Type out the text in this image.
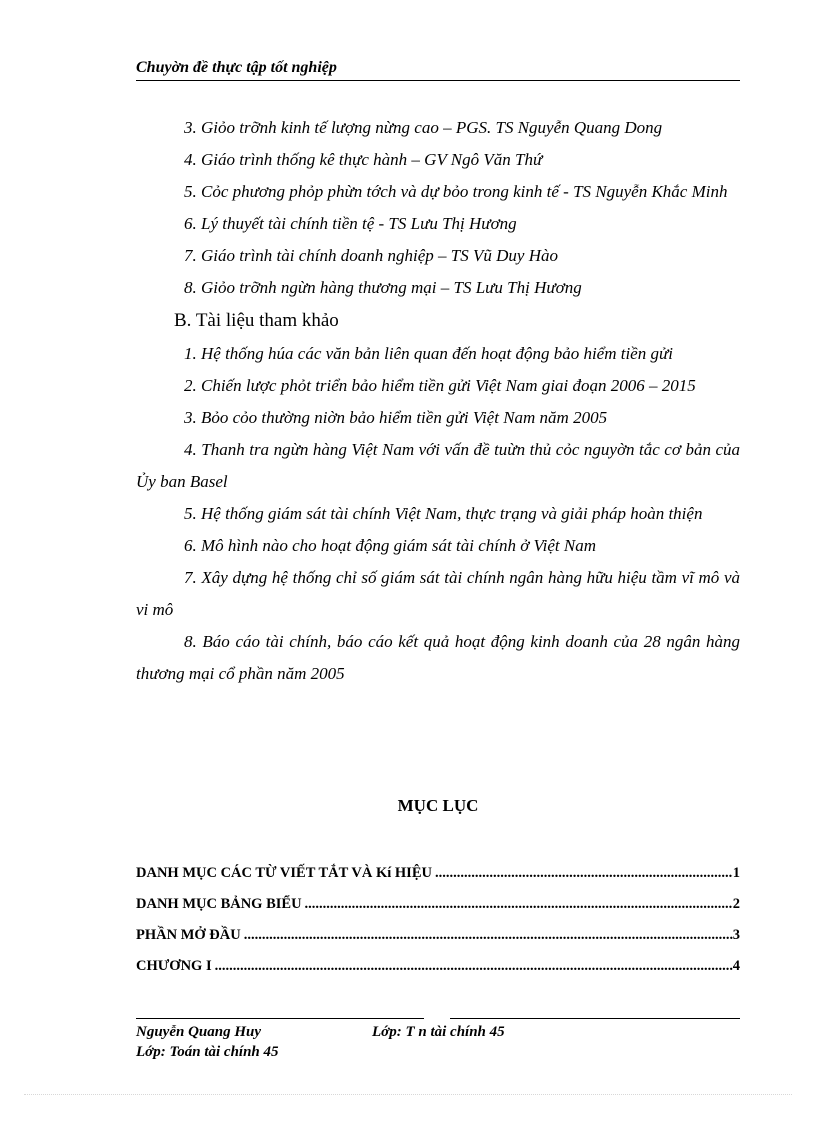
Chuyờn đề thực tập tốt nghiệp

3. Giỏo trỡnh kinh tế lượng nừng cao – PGS. TS Nguyễn Quang Dong

4. Giáo trình thống kê thực hành – GV Ngô Văn Thứ

5. Cỏc phương phỏp phừn tớch và dự bỏo trong kinh tế - TS Nguyễn Khắc Minh

6. Lý thuyết tài chính tiền tệ - TS Lưu Thị Hương

7. Giáo trình tài chính doanh nghiệp – TS Vũ Duy Hào

8. Giỏo trỡnh ngừn hàng thương mại – TS Lưu Thị Hương

B. Tài liệu tham khảo

1. Hệ thống húa các văn bản liên quan đến hoạt động bảo hiểm tiền gửi

2. Chiến lược phỏt triển bảo hiểm tiền gửi Việt Nam giai đoạn 2006 – 2015

3. Bỏo cỏo thường niờn bảo hiểm tiền gửi Việt Nam năm 2005

4. Thanh tra ngừn hàng Việt Nam với vấn đề tuừn thủ cỏc nguyờn tắc cơ bản của Ủy ban Basel

5. Hệ thống giám sát tài chính Việt Nam, thực trạng và giải pháp hoàn thiện

6. Mô hình nào cho hoạt động giám sát tài chính ở Việt Nam

7. Xây dựng hệ thống chỉ số giám sát tài chính ngân hàng hữu hiệu tầm vĩ mô và vi mô

8. Báo cáo tài chính, báo cáo kết quả hoạt động kinh doanh của 28 ngân hàng thương mại cổ phần năm 2005

MỤC LỤC
DANH MỤC CÁC TỪ VIẾT TẮT VÀ Kí HIỆU .....	1
DANH MỤC BẢNG BIỂU .....	2
PHẦN MỞ ĐẦU .....	3
CHƯƠNG I .....	4
Nguyễn Quang Huy	Lớp: T n tài chính 45
Lớp: Toán tài chính 45
